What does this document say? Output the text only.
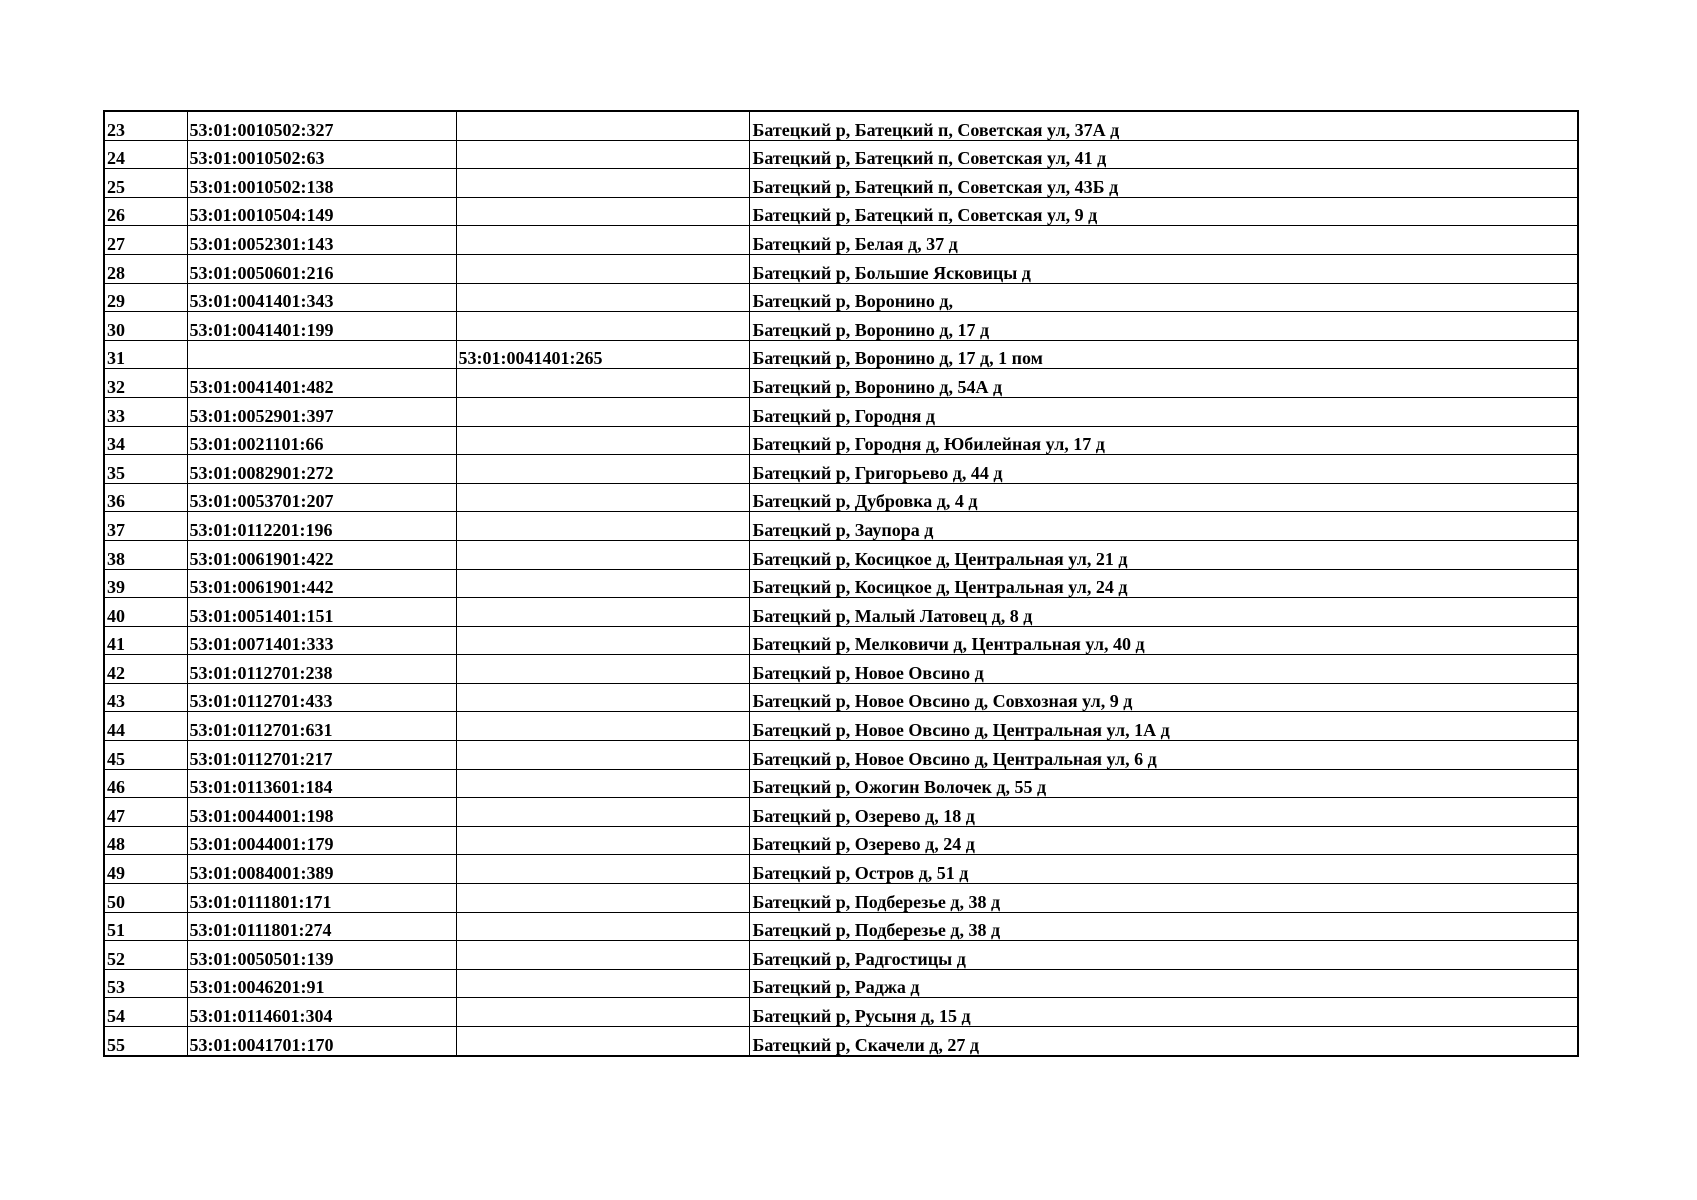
23	53:01:0010502:327		Батецкий р, Батецкий п, Советская ул, 37А д
24	53:01:0010502:63		Батецкий р, Батецкий п, Советская ул, 41 д
25	53:01:0010502:138		Батецкий р, Батецкий п, Советская ул, 43Б д
26	53:01:0010504:149		Батецкий р, Батецкий п, Советская ул, 9 д
27	53:01:0052301:143		Батецкий р, Белая д, 37 д
28	53:01:0050601:216		Батецкий р, Большие Ясковицы д
29	53:01:0041401:343		Батецкий р, Воронино д,
30	53:01:0041401:199		Батецкий р, Воронино д, 17 д
31		53:01:0041401:265	Батецкий р, Воронино д, 17 д, 1 пом
32	53:01:0041401:482		Батецкий р, Воронино д, 54А д
33	53:01:0052901:397		Батецкий р, Городня д
34	53:01:0021101:66		Батецкий р, Городня д, Юбилейная ул, 17 д
35	53:01:0082901:272		Батецкий р, Григорьево д, 44 д
36	53:01:0053701:207		Батецкий р, Дубровка д, 4 д
37	53:01:0112201:196		Батецкий р, Заупора д
38	53:01:0061901:422		Батецкий р, Косицкое д, Центральная ул, 21 д
39	53:01:0061901:442		Батецкий р, Косицкое д, Центральная ул, 24 д
40	53:01:0051401:151		Батецкий р, Малый Латовец д, 8 д
41	53:01:0071401:333		Батецкий р, Мелковичи д, Центральная ул, 40 д
42	53:01:0112701:238		Батецкий р, Новое Овсино д
43	53:01:0112701:433		Батецкий р, Новое Овсино д, Совхозная ул, 9 д
44	53:01:0112701:631		Батецкий р, Новое Овсино д, Центральная ул, 1А д
45	53:01:0112701:217		Батецкий р, Новое Овсино д, Центральная ул, 6 д
46	53:01:0113601:184		Батецкий р, Ожогин Волочек д, 55 д
47	53:01:0044001:198		Батецкий р, Озерево д, 18 д
48	53:01:0044001:179		Батецкий р, Озерево д, 24 д
49	53:01:0084001:389		Батецкий р, Остров д, 51 д
50	53:01:0111801:171		Батецкий р, Подберезье д, 38 д
51	53:01:0111801:274		Батецкий р, Подберезье д, 38 д
52	53:01:0050501:139		Батецкий р, Радгостицы д
53	53:01:0046201:91		Батецкий р, Раджа д
54	53:01:0114601:304		Батецкий р, Русыня д, 15 д
55	53:01:0041701:170		Батецкий р, Скачели д, 27 д
